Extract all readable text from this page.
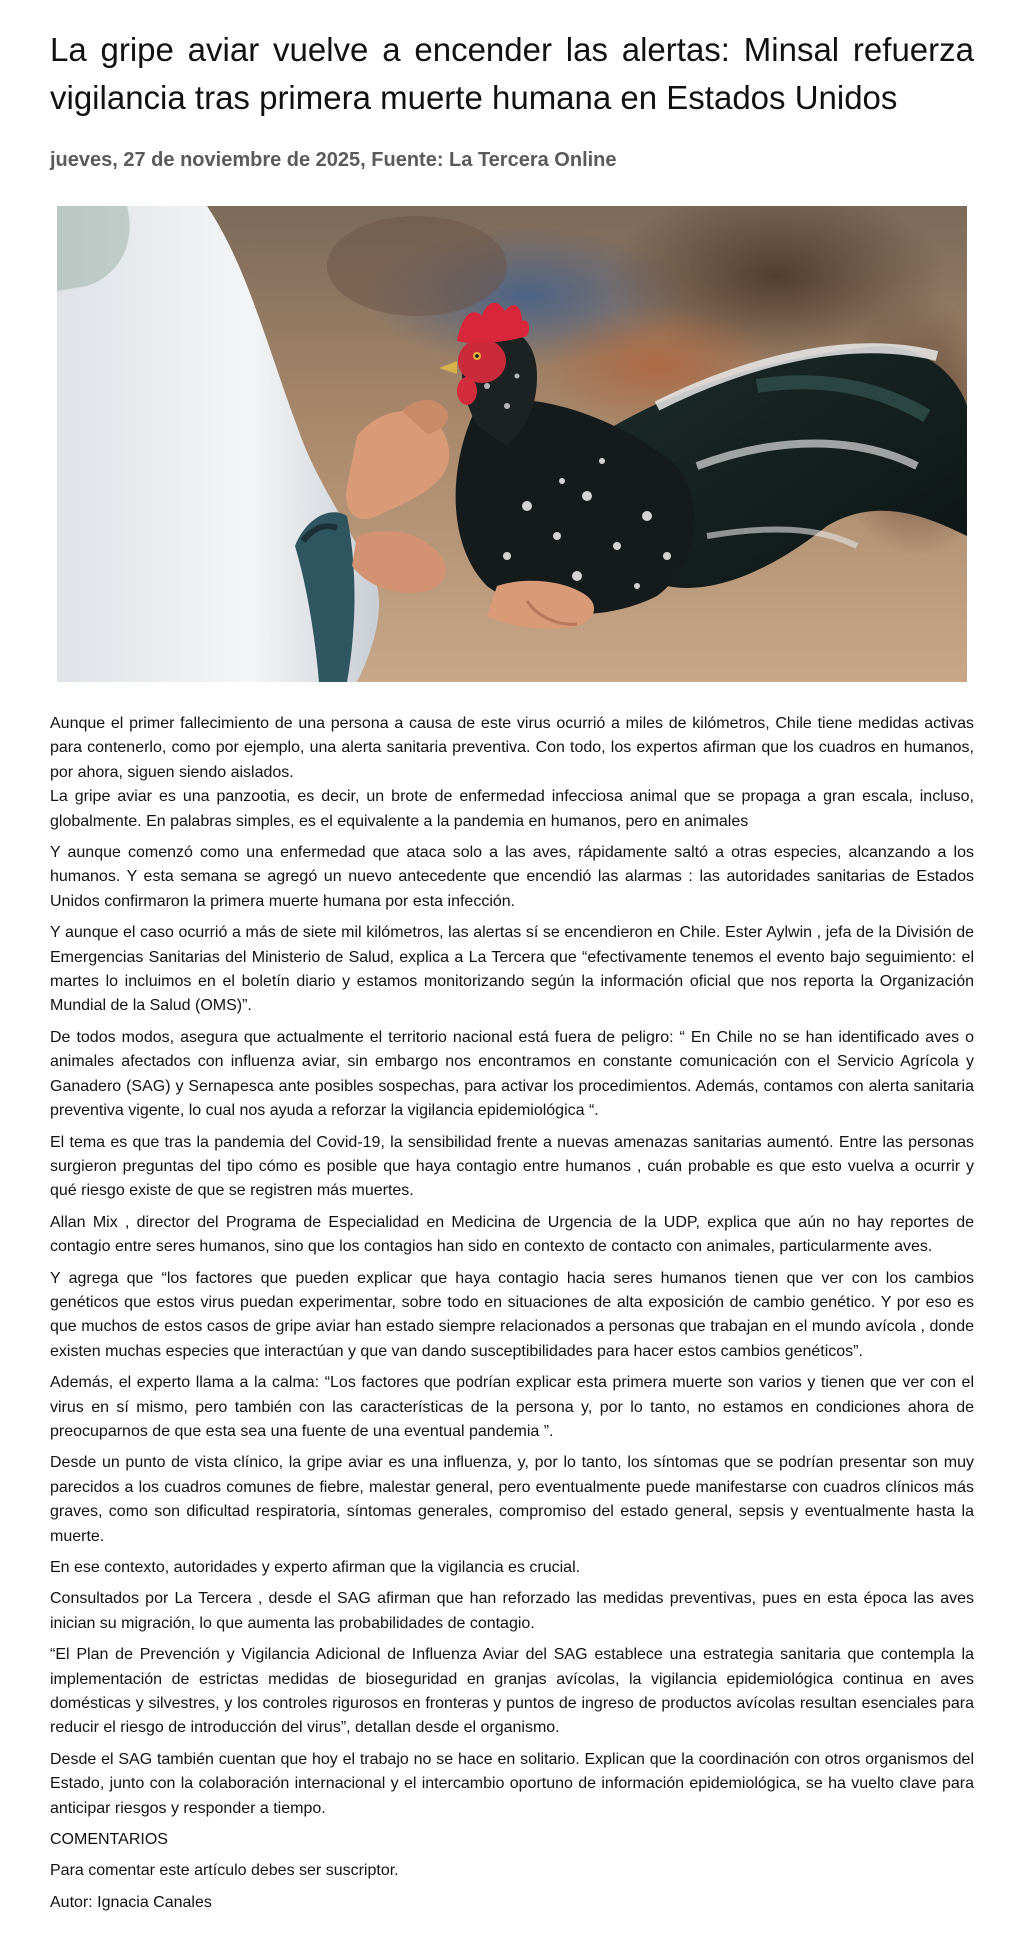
La gripe aviar vuelve a encender las alertas: Minsal refuerza vigilancia tras primera muerte humana en Estados Unidos
jueves, 27 de noviembre de 2025, Fuente: La Tercera Online

Aunque el primer fallecimiento de una persona a causa de este virus ocurrió a miles de kilómetros, Chile tiene medidas activas para contenerlo, como por ejemplo, una alerta sanitaria preventiva. Con todo, los expertos afirman que los cuadros en humanos, por ahora, siguen siendo aislados.

La gripe aviar es una panzootia, es decir, un brote de enfermedad infecciosa animal que se propaga a gran escala, incluso, globalmente. En palabras simples, es el equivalente a la pandemia en humanos, pero en animales

Y aunque comenzó como una enfermedad que ataca solo a las aves, rápidamente saltó a otras especies, alcanzando a los humanos. Y esta semana se agregó un nuevo antecedente que encendió las alarmas : las autoridades sanitarias de Estados Unidos confirmaron la primera muerte humana por esta infección.

Y aunque el caso ocurrió a más de siete mil kilómetros, las alertas sí se encendieron en Chile. Ester Aylwin , jefa de la División de Emergencias Sanitarias del Ministerio de Salud, explica a La Tercera que “efectivamente tenemos el evento bajo seguimiento: el martes lo incluimos en el boletín diario y estamos monitorizando según la información oficial que nos reporta la Organización Mundial de la Salud (OMS)”.

De todos modos, asegura que actualmente el territorio nacional está fuera de peligro: “ En Chile no se han identificado aves o animales afectados con influenza aviar, sin embargo nos encontramos en constante comunicación con el Servicio Agrícola y Ganadero (SAG) y Sernapesca ante posibles sospechas, para activar los procedimientos. Además, contamos con alerta sanitaria preventiva vigente, lo cual nos ayuda a reforzar la vigilancia epidemiológica “.

El tema es que tras la pandemia del Covid-19, la sensibilidad frente a nuevas amenazas sanitarias aumentó. Entre las personas surgieron preguntas del tipo cómo es posible que haya contagio entre humanos , cuán probable es que esto vuelva a ocurrir y qué riesgo existe de que se registren más muertes.

Allan Mix , director del Programa de Especialidad en Medicina de Urgencia de la UDP, explica que aún no hay reportes de contagio entre seres humanos, sino que los contagios han sido en contexto de contacto con animales, particularmente aves.

Y agrega que “los factores que pueden explicar que haya contagio hacia seres humanos tienen que ver con los cambios genéticos que estos virus puedan experimentar, sobre todo en situaciones de alta exposición de cambio genético. Y por eso es que muchos de estos casos de gripe aviar han estado siempre relacionados a personas que trabajan en el mundo avícola , donde existen muchas especies que interactúan y que van dando susceptibilidades para hacer estos cambios genéticos”.

Además, el experto llama a la calma: “Los factores que podrían explicar esta primera muerte son varios y tienen que ver con el virus en sí mismo, pero también con las características de la persona y, por lo tanto, no estamos en condiciones ahora de preocuparnos de que esta sea una fuente de una eventual pandemia ”.

Desde un punto de vista clínico, la gripe aviar es una influenza, y, por lo tanto, los síntomas que se podrían presentar son muy parecidos a los cuadros comunes de fiebre, malestar general, pero eventualmente puede manifestarse con cuadros clínicos más graves, como son dificultad respiratoria, síntomas generales, compromiso del estado general, sepsis y eventualmente hasta la muerte.

En ese contexto, autoridades y experto afirman que la vigilancia es crucial.

Consultados por La Tercera , desde el SAG afirman que han reforzado las medidas preventivas, pues en esta época las aves inician su migración, lo que aumenta las probabilidades de contagio.

“El Plan de Prevención y Vigilancia Adicional de Influenza Aviar del SAG establece una estrategia sanitaria que contempla la implementación de estrictas medidas de bioseguridad en granjas avícolas, la vigilancia epidemiológica continua en aves domésticas y silvestres, y los controles rigurosos en fronteras y puntos de ingreso de productos avícolas resultan esenciales para reducir el riesgo de introducción del virus”, detallan desde el organismo.

Desde el SAG también cuentan que hoy el trabajo no se hace en solitario. Explican que la coordinación con otros organismos del Estado, junto con la colaboración internacional y el intercambio oportuno de información epidemiológica, se ha vuelto clave para anticipar riesgos y responder a tiempo.

COMENTARIOS
Para comentar este artículo debes ser suscriptor.
Autor: Ignacia Canales
